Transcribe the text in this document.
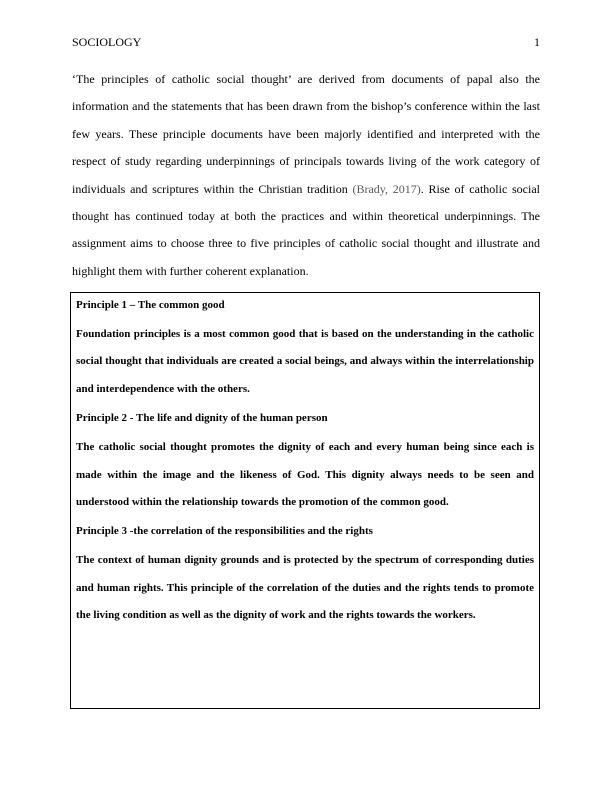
SOCIOLOGY	1

‘The principles of catholic social thought’ are derived from documents of papal also the information and the statements that has been drawn from the bishop’s conference within the last few years. These principle documents have been majorly identified and interpreted with the respect of study regarding underpinnings of principals towards living of the work category of individuals and scriptures within the Christian tradition (Brady, 2017). Rise of catholic social thought has continued today at both the practices and within theoretical underpinnings. The assignment aims to choose three to five principles of catholic social thought and illustrate and highlight them with further coherent explanation.

Principle 1 – The common good

Foundation principles is a most common good that is based on the understanding in the catholic social thought that individuals are created a social beings, and always within the interrelationship and interdependence with the others.

Principle 2 - The life and dignity of the human person

The catholic social thought promotes the dignity of each and every human being since each is made within the image and the likeness of God. This dignity always needs to be seen and understood within the relationship towards the promotion of the common good.

Principle 3 -the correlation of the responsibilities and the rights

The context of human dignity grounds and is protected by the spectrum of corresponding duties and human rights. This principle of the correlation of the duties and the rights tends to promote the living condition as well as the dignity of work and the rights towards the workers.
